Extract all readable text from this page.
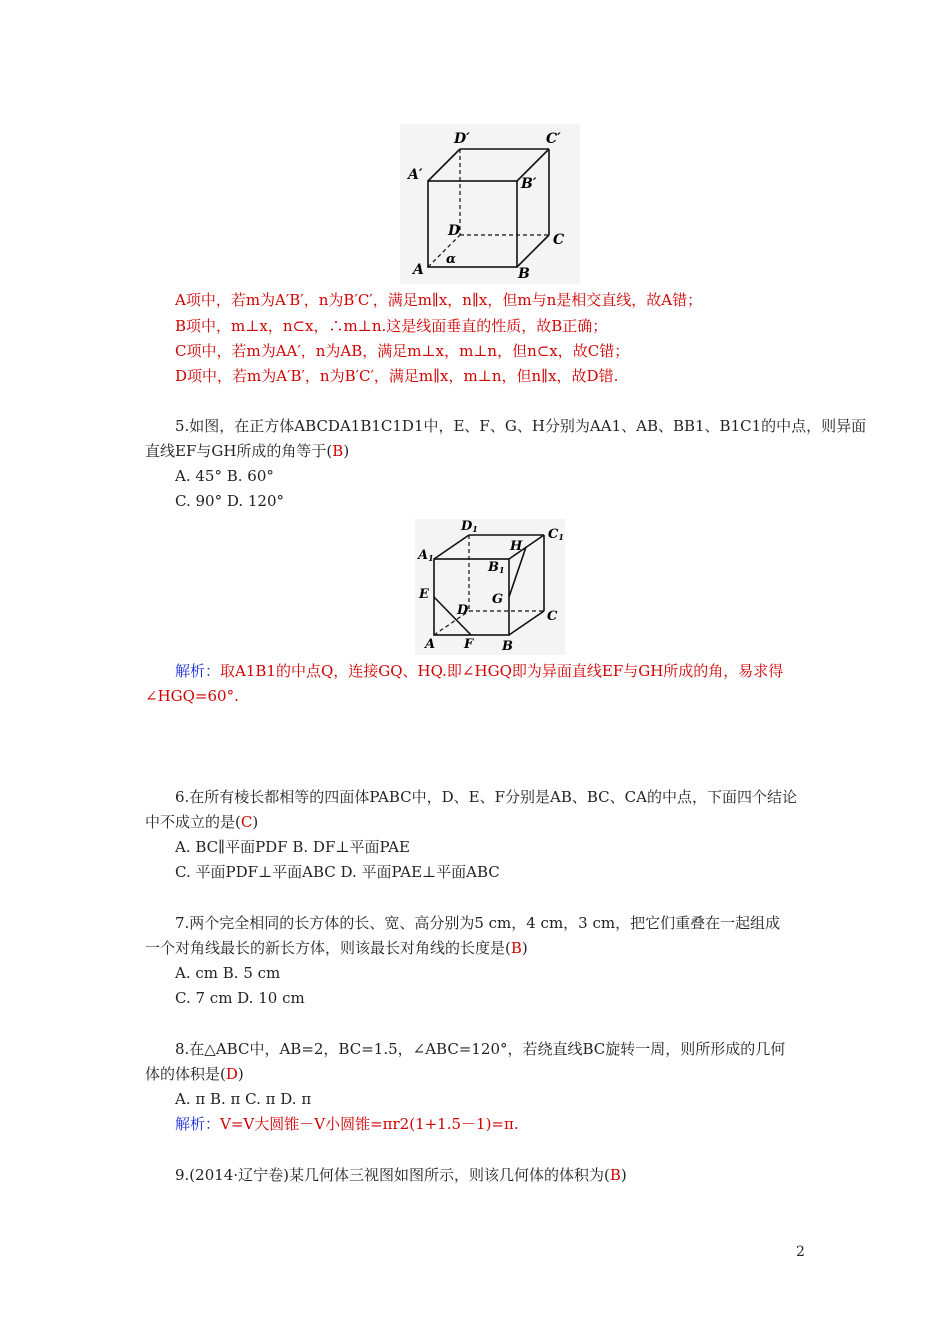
D′	C′
A′
B′
D
C
A	B
α
A项中，若m为A′B′，n为B′C′，满足m∥x，n∥x，但m与n是相交直线，故A错；
B项中，m⊥x，n⊂x，∴m⊥n.这是线面垂直的性质，故B正确；
C项中，若m为AA′，n为AB，满足m⊥x，m⊥n，但n⊂x，故C错；
D项中，若m为A′B′，n为B′C′，满足m∥x，m⊥n，但n∥x，故D错.
5.如图，在正方体ABCDA1B1C1D1中，E、F、G、H分别为AA1、AB、BB1、B1C1的中点，则异面
直线EF与GH所成的角等于(B)
A. 45° B. 60°
C. 90° D. 120°
D1	C1
A1
B1
H
G
E
D	C
A F B
解析：取A1B1的中点Q，连接GQ、HQ.即∠HGQ即为异面直线EF与GH所成的角，易求得
∠HGQ=60°.
6.在所有棱长都相等的四面体PABC中，D、E、F分别是AB、BC、CA的中点，下面四个结论
中不成立的是(C)
A. BC∥平面PDF B. DF⊥平面PAE
C. 平面PDF⊥平面ABC D. 平面PAE⊥平面ABC
7.两个完全相同的长方体的长、宽、高分别为5 cm，4 cm，3 cm，把它们重叠在一起组成
一个对角线最长的新长方体，则该最长对角线的长度是(B)
A. cm B. 5 cm
C. 7 cm D. 10 cm
8.在△ABC中，AB=2，BC=1.5，∠ABC=120°，若绕直线BC旋转一周，则所形成的几何
体的体积是(D)
A. π B. π C. π D. π
解析：V=V大圆锥－V小圆锥=πr2(1+1.5－1)=π.
9.(2014·辽宁卷)某几何体三视图如图所示，则该几何体的体积为(B)
2
